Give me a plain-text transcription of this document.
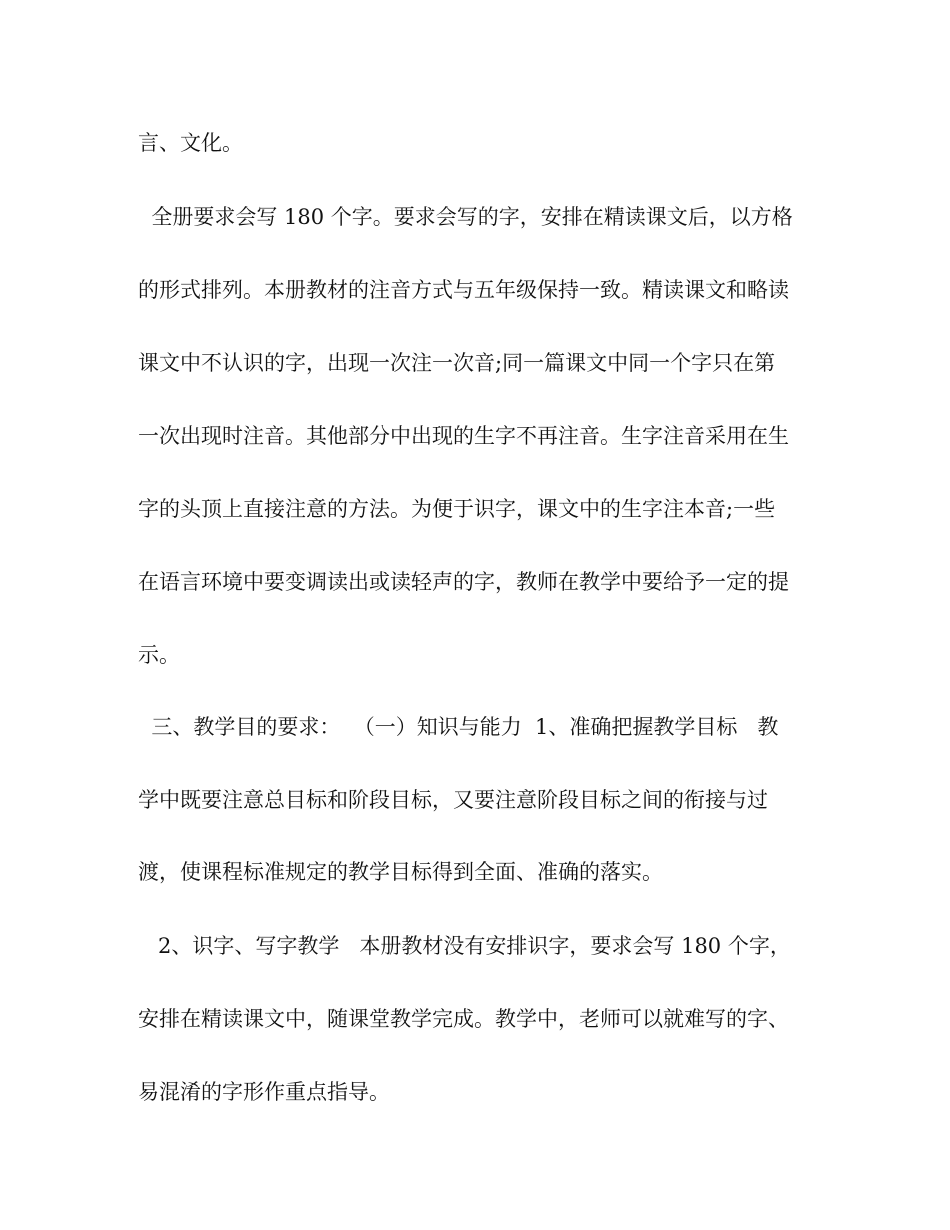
言、文化。
全册要求会写 180 个字。要求会写的字，安排在精读课文后，以方格
的形式排列。本册教材的注音方式与五年级保持一致。精读课文和略读
课文中不认识的字，出现一次注一次音;同一篇课文中同一个字只在第
一次出现时注音。其他部分中出现的生字不再注音。生字注音采用在生
字的头顶上直接注意的方法。为便于识字，课文中的生字注本音;一些
在语言环境中要变调读出或读轻声的字，教师在教学中要给予一定的提
示。
三、教学目的要求：  （一）知识与能力  1、准确把握教学目标   教
学中既要注意总目标和阶段目标，又要注意阶段目标之间的衔接与过
渡，使课程标准规定的教学目标得到全面、准确的落实。
2、识字、写字教学   本册教材没有安排识字，要求会写 180 个字，
安排在精读课文中，随课堂教学完成。教学中，老师可以就难写的字、
易混淆的字形作重点指导。
